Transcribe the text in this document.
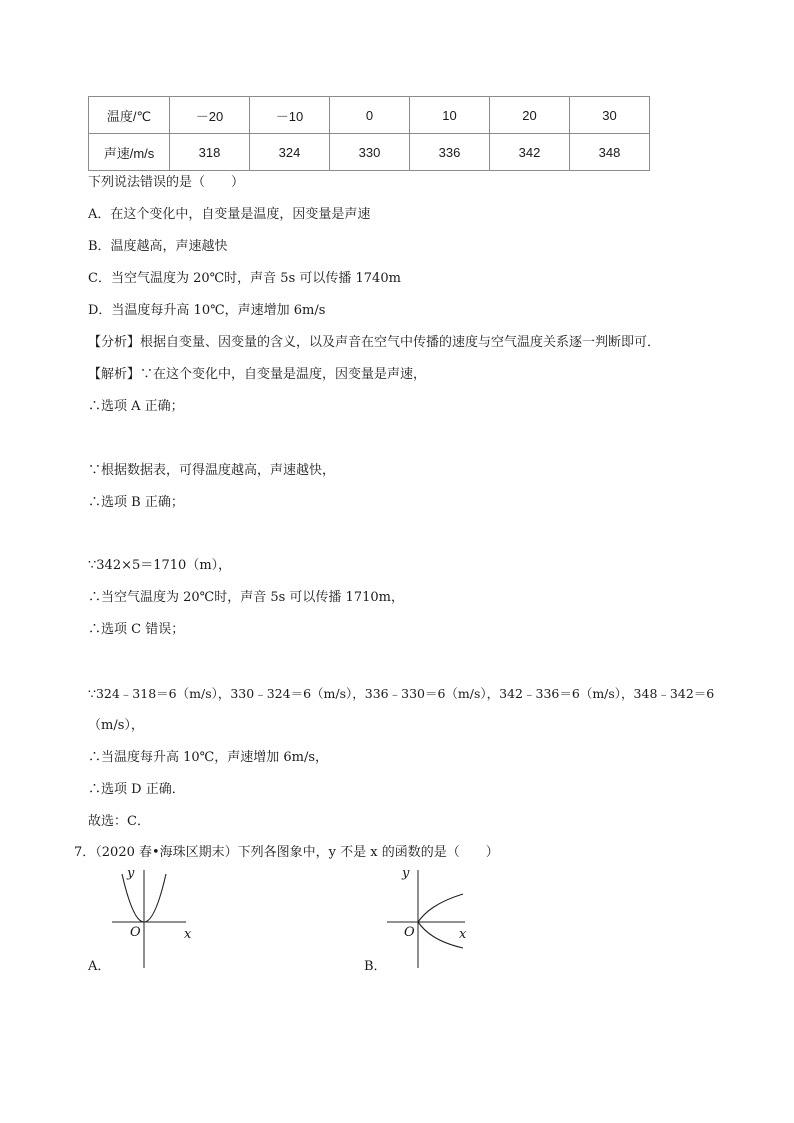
温度/℃	－20	－10	0	10	20	30
声速/m/s	318	324	330	336	342	348
下列说法错误的是（　　）
A．在这个变化中，自变量是温度，因变量是声速
B．温度越高，声速越快
C．当空气温度为 20℃时，声音 5s 可以传播 1740m
D．当温度每升高 10℃，声速增加 6m/s
【分析】根据自变量、因变量的含义，以及声音在空气中传播的速度与空气温度关系逐一判断即可．
【解析】∵在这个变化中，自变量是温度，因变量是声速，
∴选项 A 正确；
∵根据数据表，可得温度越高，声速越快，
∴选项 B 正确；
∵342×5＝1710（m），
∴当空气温度为 20℃时，声音 5s 可以传播 1710m，
∴选项 C 错误；
∵324﹣318＝6（m/s），330﹣324＝6（m/s），336﹣330＝6（m/s），342﹣336＝6（m/s），348﹣342＝6
（m/s），
∴当温度每升高 10℃，声速增加 6m/s，
∴选项 D 正确．
故选：C．
7．（2020 春•海珠区期末）下列各图象中，y 不是 x 的函数的是（　　）
y
x
O
A．
y
x
O
B．
